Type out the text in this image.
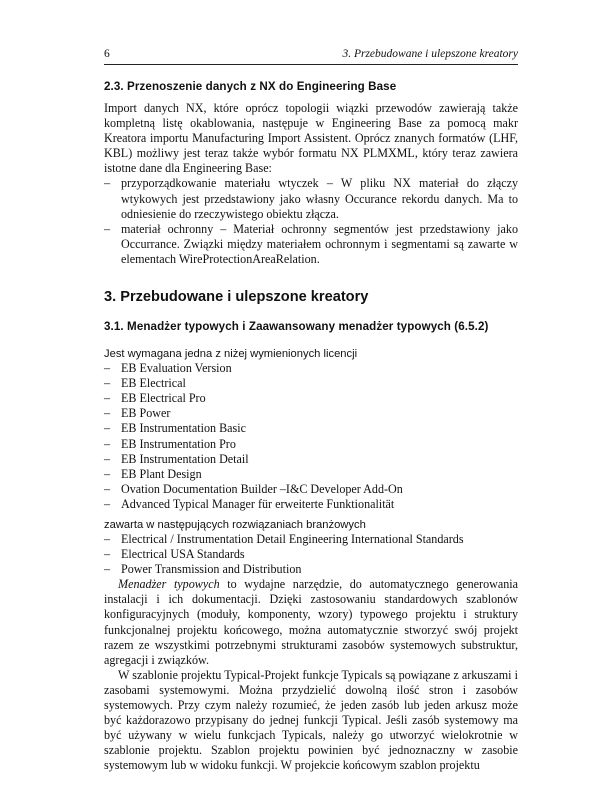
6	3. Przebudowane i ulepszone kreatory
2.3. Przenoszenie danych z NX do Engineering Base

Import danych NX, które oprócz topologii wiązki przewodów zawierają także kompletną listę okablowania, następuje w Engineering Base za pomocą makr Kreatora importu Manufacturing Import Assistent. Oprócz znanych formatów (LHF, KBL) możliwy jest teraz także wybór formatu NX PLMXML, który teraz zawiera istotne dane dla Engineering Base:

– przyporządkowanie materiału wtyczek – W pliku NX materiał do złączy wtykowych jest przedstawiony jako własny Occurance rekordu danych. Ma to odniesienie do rzeczywistego obiektu złącza.
– materiał ochronny – Materiał ochronny segmentów jest przedstawiony jako Occurrance. Związki między materiałem ochronnym i segmentami są zawarte w elementach WireProtectionAreaRelation.
3. Przebudowane i ulepszone kreatory
3.1. Menadżer typowych i Zaawansowany menadżer typowych (6.5.2)

Jest wymagana jedna z niżej wymienionych licencji

– EB Evaluation Version
– EB Electrical
– EB Electrical Pro
– EB Power
– EB Instrumentation Basic
– EB Instrumentation Pro
– EB Instrumentation Detail
– EB Plant Design
– Ovation Documentation Builder –I&C Developer Add-On
– Advanced Typical Manager für erweiterte Funktionalität

zawarta w następujących rozwiązaniach branżowych

– Electrical / Instrumentation Detail Engineering International Standards
– Electrical USA Standards
– Power Transmission and Distribution

Menadżer typowych to wydajne narzędzie, do automatycznego generowania instalacji i ich dokumentacji. Dzięki zastosowaniu standardowych szablonów konfiguracyjnych (moduły, komponenty, wzory) typowego projektu i struktury funkcjonalnej projektu końcowego, można automatycznie stworzyć swój projekt razem ze wszystkimi potrzebnymi strukturami zasobów systemowych substruktur, agregacji i związków.

W szablonie projektu Typical-Projekt funkcje Typicals są powiązane z arkuszami i zasobami systemowymi. Można przydzielić dowolną ilość stron i zasobów systemowych. Przy czym należy rozumieć, że jeden zasób lub jeden arkusz może być każdorazowo przypisany do jednej funkcji Typical. Jeśli zasób systemowy ma być używany w wielu funkcjach Typicals, należy go utworzyć wielokrotnie w szablonie projektu. Szablon projektu powinien być jednoznaczny w zasobie systemowym lub w widoku funkcji. W projekcie końcowym szablon projektu
